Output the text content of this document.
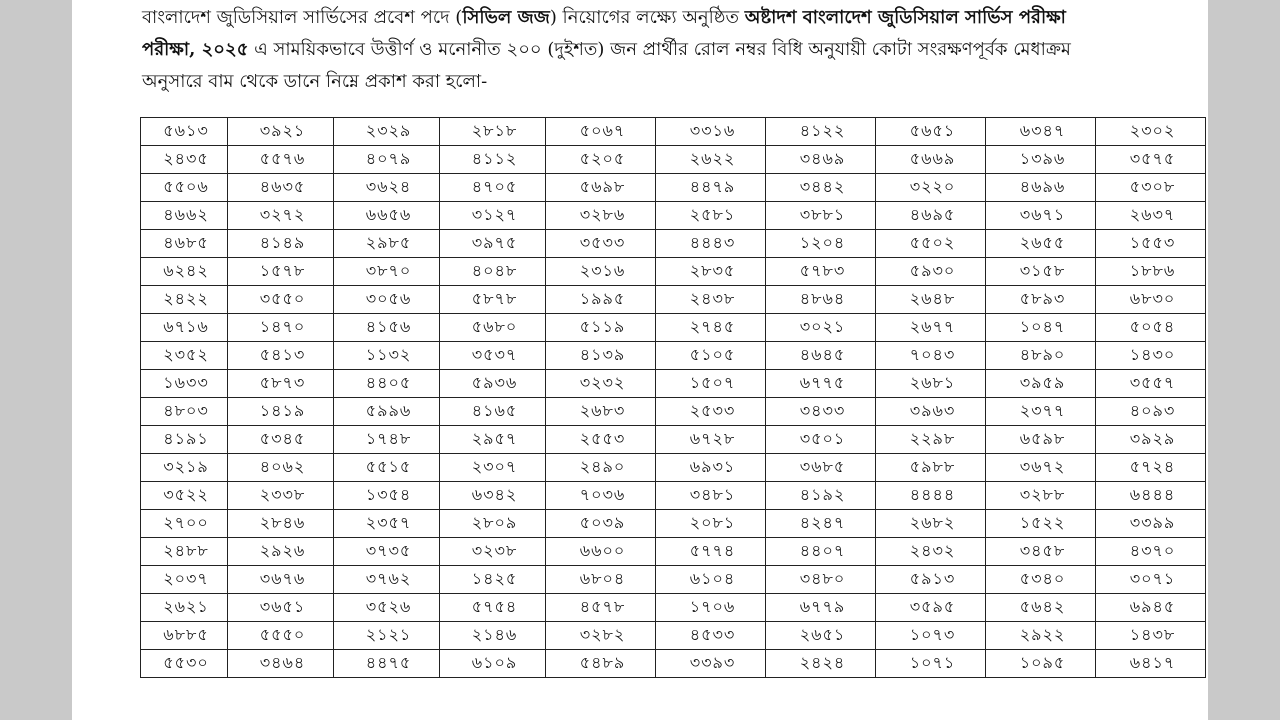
বাংলাদেশ জুডিসিয়াল সার্ভিসের প্রবেশ পদে (সিভিল জজ) নিয়োগের লক্ষ্যে অনুষ্ঠিত অষ্টাদশ বাংলাদেশ জুডিসিয়াল সার্ভিস পরীক্ষা
পরীক্ষা, ২০২৫ এ সাময়িকভাবে উত্তীর্ণ ও মনোনীত ২০০ (দুইশত) জন প্রার্থীর রোল নম্বর বিধি অনুযায়ী কোটা সংরক্ষণপূর্বক মেধাক্রম
অনুসারে বাম থেকে ডানে নিম্নে প্রকাশ করা হলো-
৫৬১৩	৩৯২১	২৩২৯	২৮১৮	৫০৬৭	৩৩১৬	৪১২২	৫৬৫১	৬৩৪৭	২৩০২
২৪৩৫	৫৫৭৬	৪০৭৯	৪১১২	৫২০৫	২৬২২	৩৪৬৯	৫৬৬৯	১৩৯৬	৩৫৭৫
৫৫০৬	৪৬৩৫	৩৬২৪	৪৭০৫	৫৬৯৮	৪৪৭৯	৩৪৪২	৩২২০	৪৬৯৬	৫৩০৮
৪৬৬২	৩২৭২	৬৬৫৬	৩১২৭	৩২৮৬	২৫৮১	৩৮৮১	৪৬৯৫	৩৬৭১	২৬৩৭
৪৬৮৫	৪১৪৯	২৯৮৫	৩৯৭৫	৩৫৩৩	৪৪৪৩	১২০৪	৫৫০২	২৬৫৫	১৫৫৩
৬২৪২	১৫৭৮	৩৮৭০	৪০৪৮	২৩১৬	২৮৩৫	৫৭৮৩	৫৯৩০	৩১৫৮	১৮৮৬
২৪২২	৩৫৫০	৩০৫৬	৫৮৭৮	১৯৯৫	২৪৩৮	৪৮৬৪	২৬৪৮	৫৮৯৩	৬৮৩০
৬৭১৬	১৪৭০	৪১৫৬	৫৬৮০	৫১১৯	২৭৪৫	৩০২১	২৬৭৭	১০৪৭	৫০৫৪
২৩৫২	৫৪১৩	১১৩২	৩৫৩৭	৪১৩৯	৫১০৫	৪৬৪৫	৭০৪৩	৪৮৯০	১৪৩০
১৬৩৩	৫৮৭৩	৪৪০৫	৫৯৩৬	৩২৩২	১৫০৭	৬৭৭৫	২৬৮১	৩৯৫৯	৩৫৫৭
৪৮০৩	১৪১৯	৫৯৯৬	৪১৬৫	২৬৮৩	২৫৩৩	৩৪৩৩	৩৯৬৩	২৩৭৭	৪০৯৩
৪১৯১	৫৩৪৫	১৭৪৮	২৯৫৭	২৫৫৩	৬৭২৮	৩৫০১	২২৯৮	৬৫৯৮	৩৯২৯
৩২১৯	৪০৬২	৫৫১৫	২৩০৭	২৪৯০	৬৯৩১	৩৬৮৫	৫৯৮৮	৩৬৭২	৫৭২৪
৩৫২২	২৩৩৮	১৩৫৪	৬৩৪২	৭০৩৬	৩৪৮১	৪১৯২	৪৪৪৪	৩২৮৮	৬৪৪৪
২৭০০	২৮৪৬	২৩৫৭	২৮০৯	৫০৩৯	২০৮১	৪২৪৭	২৬৮২	১৫২২	৩৩৯৯
২৪৮৮	২৯২৬	৩৭৩৫	৩২৩৮	৬৬০০	৫৭৭৪	৪৪০৭	২৪৩২	৩৪৫৮	৪৩৭০
২০৩৭	৩৬৭৬	৩৭৬২	১৪২৫	৬৮০৪	৬১০৪	৩৪৮০	৫৯১৩	৫৩৪০	৩০৭১
২৬২১	৩৬৫১	৩৫২৬	৫৭৫৪	৪৫৭৮	১৭০৬	৬৭৭৯	৩৫৯৫	৫৬৪২	৬৯৪৫
৬৮৮৫	৫৫৫০	২১২১	২১৪৬	৩২৮২	৪৫৩৩	২৬৫১	১০৭৩	২৯২২	১৪৩৮
৫৫৩০	৩৪৬৪	৪৪৭৫	৬১০৯	৫৪৮৯	৩৩৯৩	২৪২৪	১০৭১	১০৯৫	৬৪১৭
